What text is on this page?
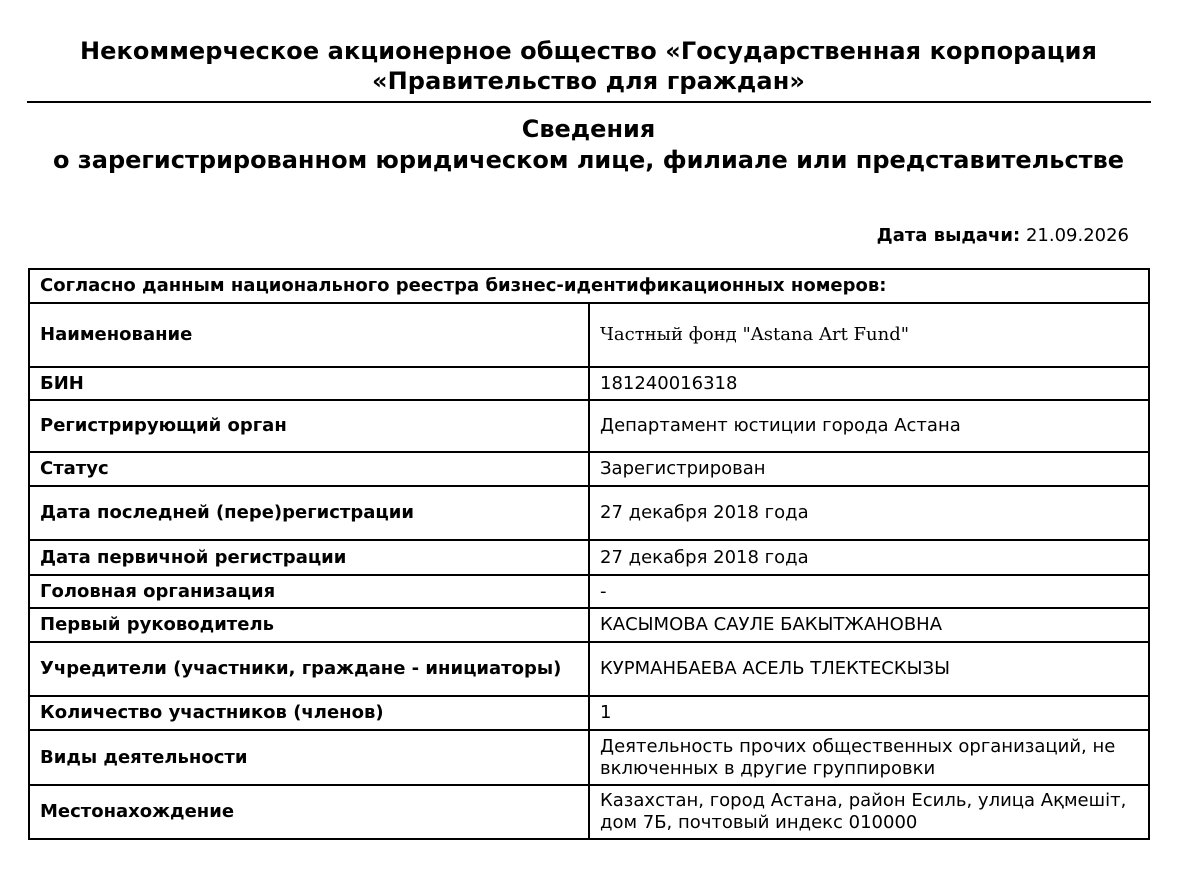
Некоммерческое акционерное общество «Государственная корпорация
«Правительство для граждан»
Сведения
о зарегистрированном юридическом лице, филиале или представительстве
Дата выдачи: 21.09.2026
Согласно данным национального реестра бизнес-идентификационных номеров:	
Наименование	Частный фонд "Astana Art Fund"
БИН	181240016318
Регистрирующий орган	Департамент юстиции города Астана
Статус	Зарегистрирован
Дата последней (пере)регистрации	27 декабря 2018 года
Дата первичной регистрации	27 декабря 2018 года
Головная организация	-
Первый руководитель	КАСЫМОВА САУЛЕ БАКЫТЖАНОВНА
Учредители (участники, граждане - инициаторы)	КУРМАНБАЕВА АСЕЛЬ ТЛЕКТЕСКЫЗЫ
Количество участников (членов)	1
Виды деятельности	Деятельность прочих общественных организаций, не включенных в другие группировки
Местонахождение	Казахстан, город Астана, район Есиль, улица Ақмешіт, дом 7Б, почтовый индекс 010000
